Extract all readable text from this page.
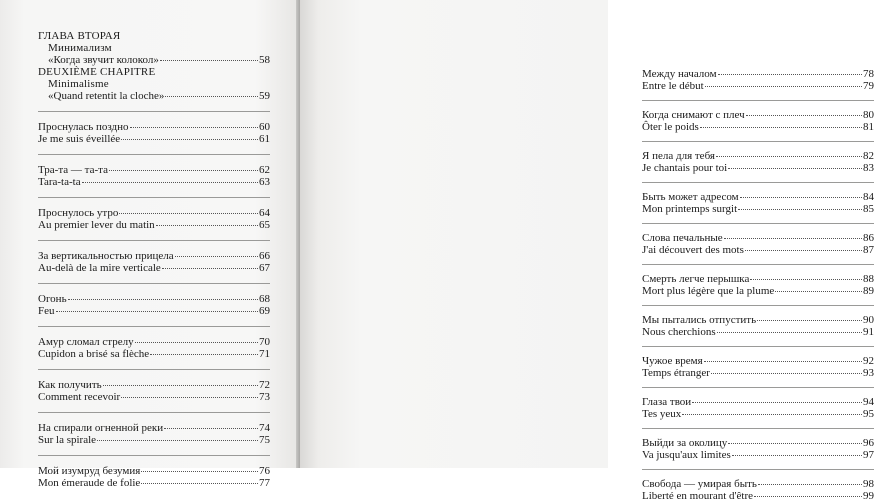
ГЛАВА ВТОРАЯ
Минимализм
«Когда звучит колокол»	58
DEUXIÈME CHAPITRE
Minimalisme
«Quand retentit la cloche»	59
Проснулась поздно	60
Je me suis éveillée	61
Тра-та — та-та	62
Tara-ta-ta	63
Проснулось утро	64
Au premier lever du matin	65
За вертикальностью прицела	66
Au-delà de la mire verticale	67
Огонь	68
Feu	69
Амур сломал стрелу	70
Cupidon a brisé sa flèche	71
Как получить	72
Comment recevoir	73
На спирали огненной реки	74
Sur la spirale	75
Мой изумруд безумия	76
Mon émeraude de folie	77
Между началом	78
Entre le début	79
Когда снимают с плеч	80
Ôter le poids	81
Я пела для тебя	82
Je chantais pour toi	83
Быть может адресом	84
Mon printemps surgit	85
Слова печальные	86
J'ai découvert des mots	87
Смерть легче перышка	88
Mort plus légère que la plume	89
Мы пытались отпустить	90
Nous cherchions	91
Чужое время	92
Temps étranger	93
Глаза твои	94
Tes yeux	95
Выйди за околицу	96
Va jusqu'aux limites	97
Свобода — умирая быть	98
Liberté en mourant d'être	99
